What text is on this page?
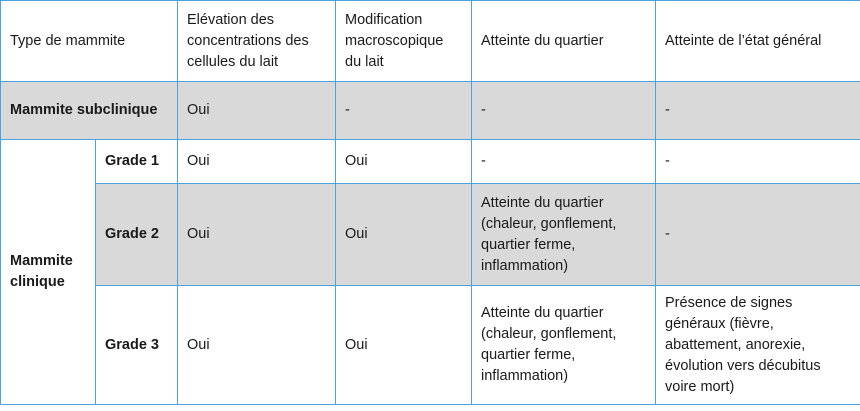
Type de mammite		Elévation des concentrations des cellules du lait	Modification macroscopique du lait	Atteinte du quartier	Atteinte de l’état général
Mammite subclinique		Oui	-	-	-
Mammite clinique	Grade 1	Oui	Oui	-	-
	Grade 2	Oui	Oui	Atteinte du quartier (chaleur, gonflement, quartier ferme, inflammation)	-
	Grade 3	Oui	Oui	Atteinte du quartier (chaleur, gonflement, quartier ferme, inflammation)	Présence de signes généraux (fièvre, abattement, anorexie, évolution vers décubitus voire mort)
